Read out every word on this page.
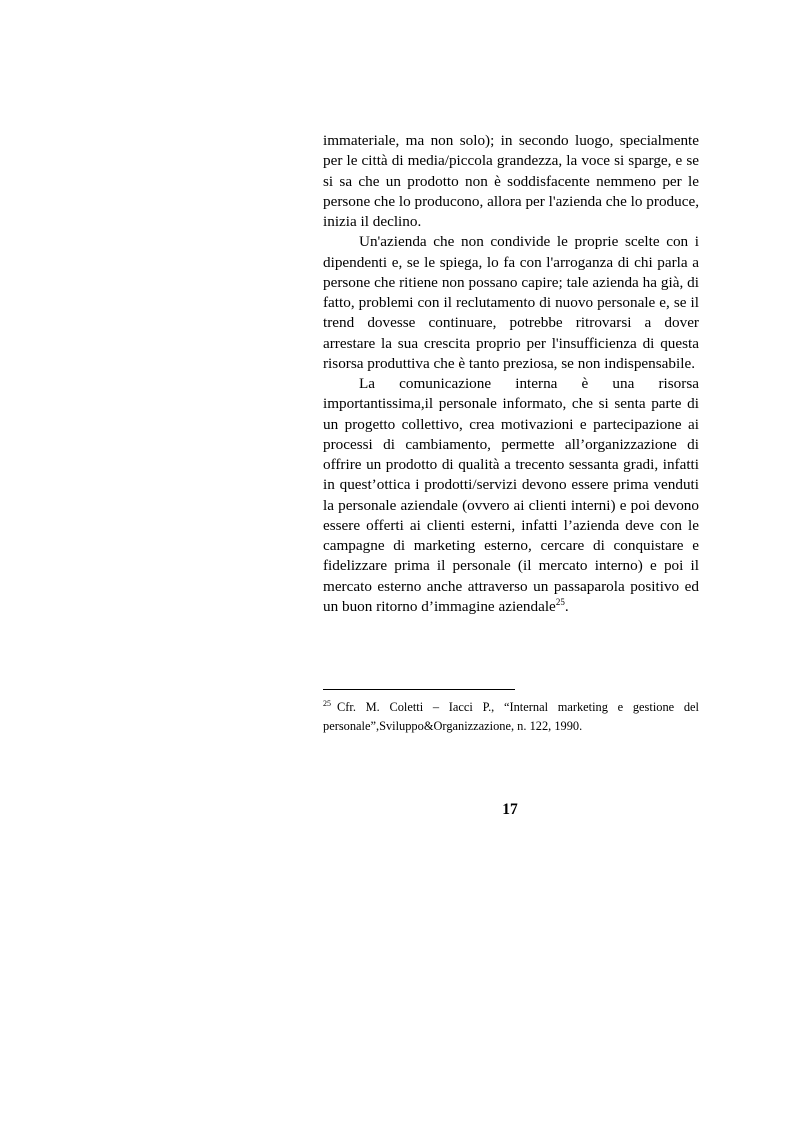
immateriale, ma non solo); in secondo luogo, specialmente per le città di media/piccola grandezza, la voce si sparge, e se si sa che un prodotto non è soddisfacente nemmeno per le persone che lo producono, allora per l'azienda che lo produce, inizia il declino.

Un'azienda che non condivide le proprie scelte con i dipendenti e, se le spiega, lo fa con l'arroganza di chi parla a persone che ritiene non possano capire; tale azienda ha già, di fatto, problemi con il reclutamento di nuovo personale e, se il trend dovesse continuare, potrebbe ritrovarsi a dover arrestare la sua crescita proprio per l'insufficienza di questa risorsa produttiva che è tanto preziosa, se non indispensabile.

La comunicazione interna è una risorsa importantissima,il personale informato, che si senta parte di un progetto collettivo, crea motivazioni e partecipazione ai processi di cambiamento, permette all’organizzazione di offrire un prodotto di qualità a trecento sessanta gradi, infatti in quest’ottica i prodotti/servizi devono essere prima venduti la personale aziendale (ovvero ai clienti interni) e poi devono essere offerti ai clienti esterni, infatti l’azienda deve con le campagne di marketing esterno, cercare di conquistare e fidelizzare prima il personale (il mercato interno) e poi il mercato esterno anche attraverso un passaparola positivo ed un buon ritorno d’immagine aziendale$^{25}$.

$^{25}$ Cfr. M. Coletti – Iacci P., “Internal marketing e gestione del personale”,Sviluppo&Organizzazione, n. 122, 1990.

17
